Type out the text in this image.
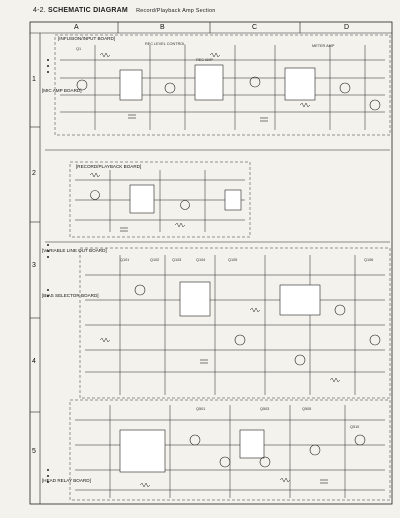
4-2. SCHEMATIC DIAGRAM Record/Playback Amp Section
A	B	C	D
1
2
3
4
5
[INFUSION/INPUT BOARD]
[MIC AMP BOARD]
[RECORD/PLAYBACK BOARD]
[VARIABLE LINE OUT BOARD]
[BIAS SELECTOR BOARD]
[HEAD RELAY BOARD]
Q1
REC LEVEL CONTROL
REC AMP
METER AMP
Q101	Q102	Q103	Q104	Q105	Q106
Q501	Q503	Q505
Q510
